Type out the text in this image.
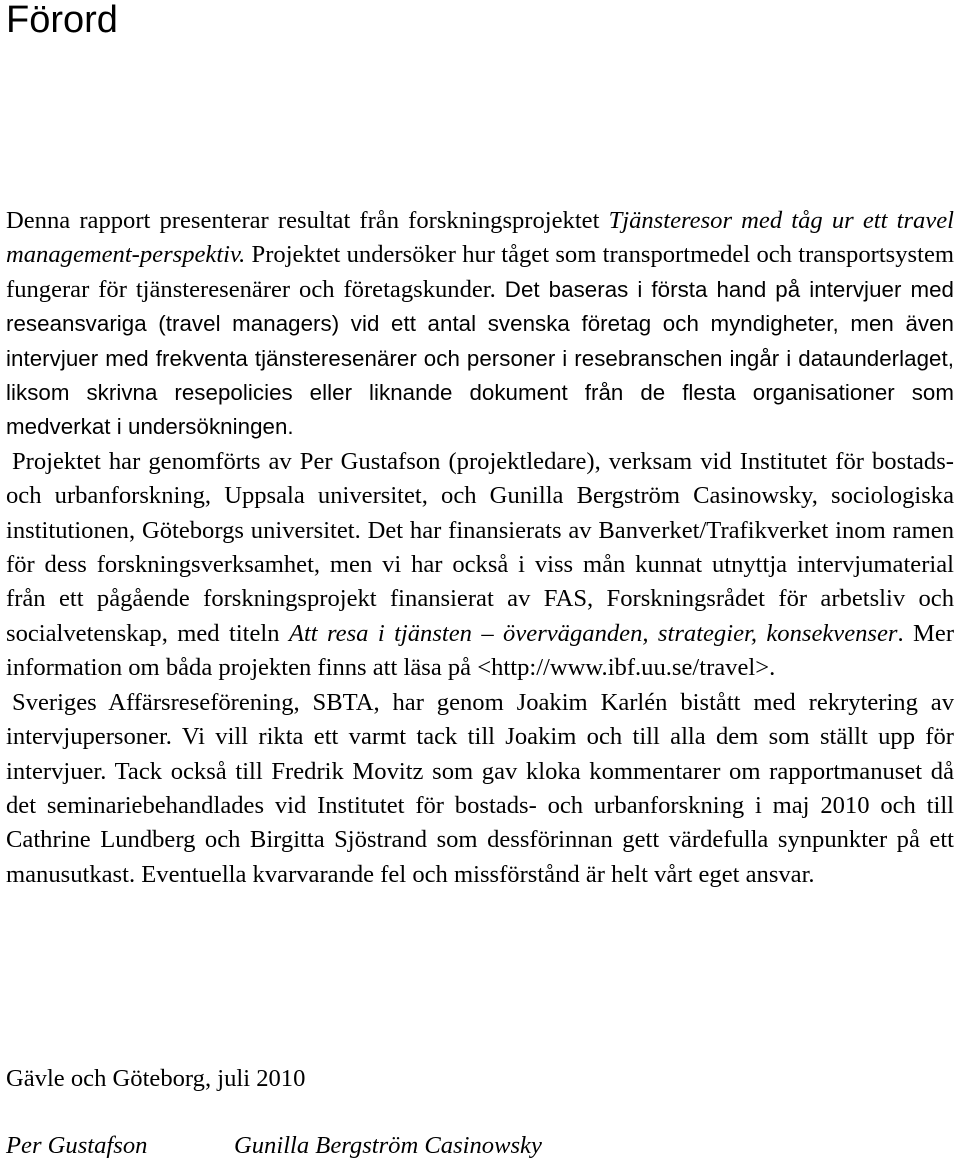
Förord

Denna rapport presenterar resultat från forskningsprojektet Tjänsteresor med tåg ur ett travel management-perspektiv. Projektet undersöker hur tåget som transportmedel och transportsystem fungerar för tjänsteresenärer och företagskunder. Det baseras i första hand på intervjuer med reseansvariga (travel managers) vid ett antal svenska företag och myndigheter, men även intervjuer med frekventa tjänsteresenärer och personer i resebranschen ingår i dataunderlaget, liksom skrivna resepolicies eller liknande dokument från de flesta organisationer som medverkat i undersökningen.

Projektet har genomförts av Per Gustafson (projektledare), verksam vid Institutet för bostads- och urbanforskning, Uppsala universitet, och Gunilla Bergström Casinowsky, sociologiska institutionen, Göteborgs universitet. Det har finansierats av Banverket/Trafikverket inom ramen för dess forskningsverksamhet, men vi har också i viss mån kunnat utnyttja intervjumaterial från ett pågående forskningsprojekt finansierat av FAS, Forskningsrådet för arbetsliv och socialvetenskap, med titeln Att resa i tjänsten – överväganden, strategier, konsekvenser. Mer information om båda projekten finns att läsa på <http://www.ibf.uu.se/travel>.

Sveriges Affärsreseförening, SBTA, har genom Joakim Karlén bistått med rekrytering av intervjupersoner. Vi vill rikta ett varmt tack till Joakim och till alla dem som ställt upp för intervjuer. Tack också till Fredrik Movitz som gav kloka kommentarer om rapportmanuset då det seminariebehandlades vid Institutet för bostads- och urbanforskning i maj 2010 och till Cathrine Lundberg och Birgitta Sjöstrand som dessförinnan gett värdefulla synpunkter på ett manusutkast. Eventuella kvarvarande fel och missförstånd är helt vårt eget ansvar.

Gävle och Göteborg, juli 2010

Per Gustafson	Gunilla Bergström Casinowsky
